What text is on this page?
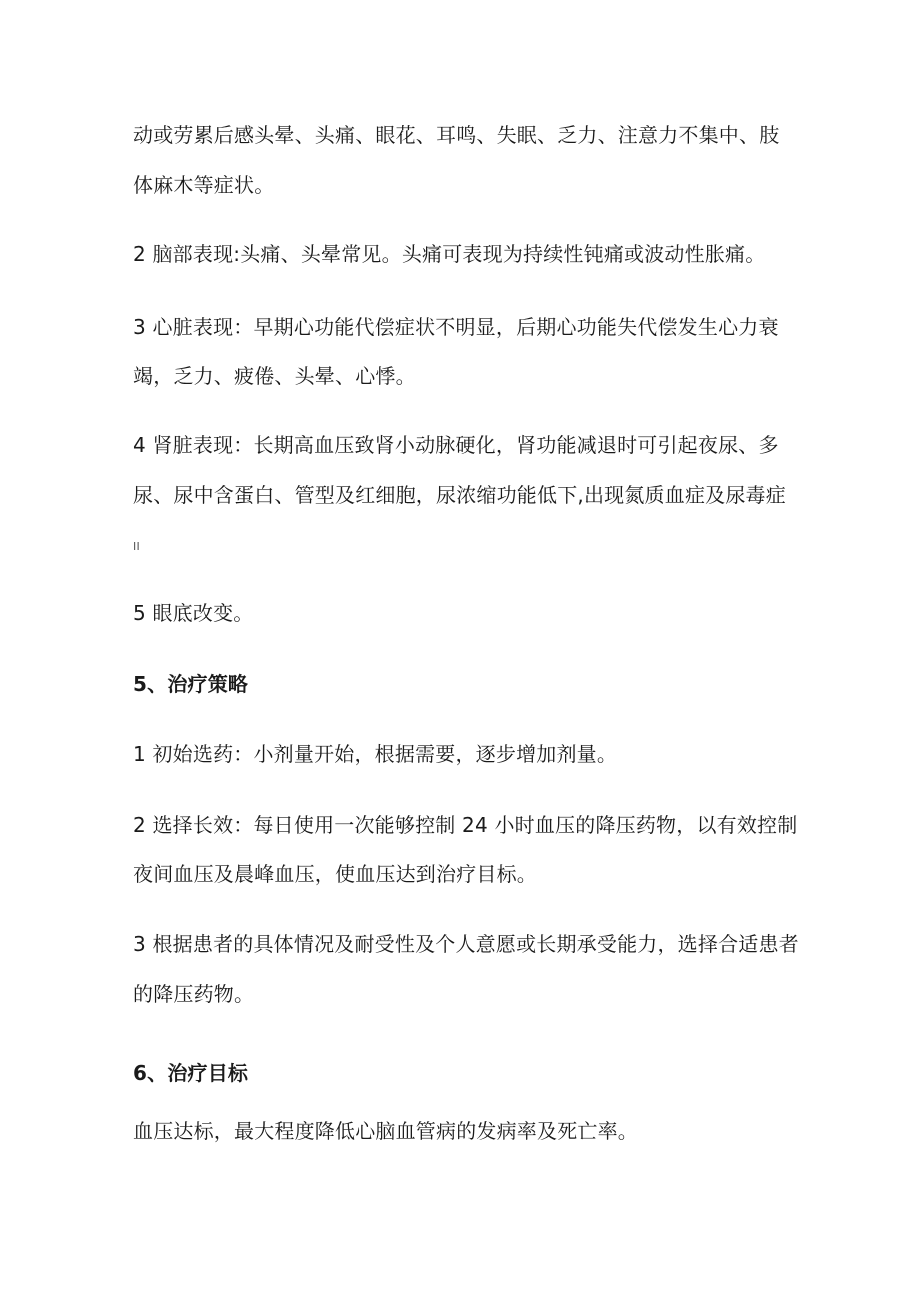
动或劳累后感头晕、头痛、眼花、耳鸣、失眠、乏力、注意力不集中、肢
体麻木等症状。
2 脑部表现:头痛、头晕常见。头痛可表现为持续性钝痛或波动性胀痛。
3 心脏表现：早期心功能代偿症状不明显，后期心功能失代偿发生心力衰
竭，乏力、疲倦、头晕、心悸。
4 肾脏表现：长期高血压致肾小动脉硬化，肾功能减退时可引起夜尿、多
尿、尿中含蛋白、管型及红细胞，尿浓缩功能低下,出现氮质血症及尿毒症
II
5 眼底改变。
5、治疗策略
1 初始选药：小剂量开始，根据需要，逐步增加剂量。
2 选择长效：每日使用一次能够控制 24 小时血压的降压药物，以有效控制
夜间血压及晨峰血压，使血压达到治疗目标。
3 根据患者的具体情况及耐受性及个人意愿或长期承受能力，选择合适患者
的降压药物。
6、治疗目标
血压达标，最大程度降低心脑血管病的发病率及死亡率。
